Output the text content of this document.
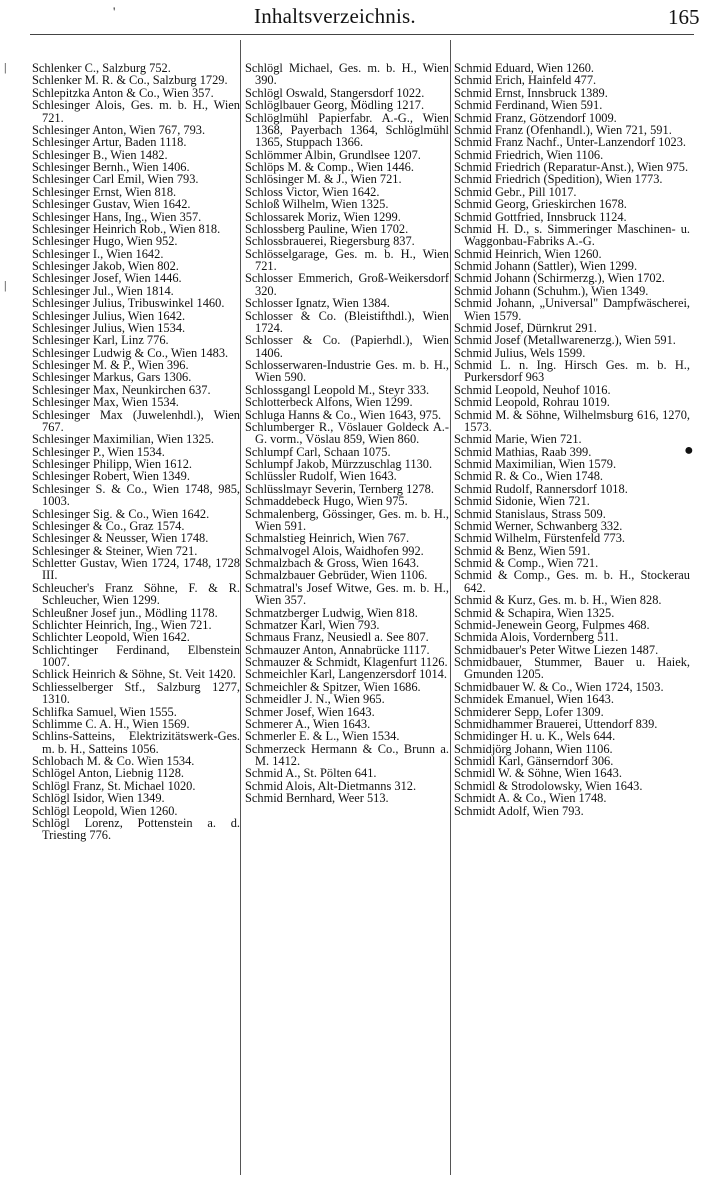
'	Inhaltsverzeichnis.	165
|
|
●
Schlenker C., Salzburg 752.
Schlenker M. R. & Co., Salzburg 1729.
Schlepitzka Anton & Co., Wien 357.
Schlesinger Alois, Ges. m. b. H., Wien 721.
Schlesinger Anton, Wien 767, 793.
Schlesinger Artur, Baden 1118.
Schlesinger B., Wien 1482.
Schlesinger Bernh., Wien 1406.
Schlesinger Carl Emil, Wien 793.
Schlesinger Ernst, Wien 818.
Schlesinger Gustav, Wien 1642.
Schlesinger Hans, Ing., Wien 357.
Schlesinger Heinrich Rob., Wien 818.
Schlesinger Hugo, Wien 952.
Schlesinger I., Wien 1642.
Schlesinger Jakob, Wien 802.
Schlesinger Josef, Wien 1446.
Schlesinger Jul., Wien 1814.
Schlesinger Julius, Tribuswinkel 1460.
Schlesinger Julius, Wien 1642.
Schlesinger Julius, Wien 1534.
Schlesinger Karl, Linz 776.
Schlesinger Ludwig & Co., Wien 1483.
Schlesinger M. & P., Wien 396.
Schlesinger Markus, Gars 1306.
Schlesinger Max, Neunkirchen 637.
Schlesinger Max, Wien 1534.
Schlesinger Max (Juwelenhdl.), Wien 767.
Schlesinger Maximilian, Wien 1325.
Schlesinger P., Wien 1534.
Schlesinger Philipp, Wien 1612.
Schlesinger Robert, Wien 1349.
Schlesinger S. & Co., Wien 1748, 985, 1003.
Schlesinger Sig. & Co., Wien 1642.
Schlesinger & Co., Graz 1574.
Schlesinger & Neusser, Wien 1748.
Schlesinger & Steiner, Wien 721.
Schletter Gustav, Wien 1724, 1748, 1728 III.
Schleucher's Franz Söhne, F. & R. Schleucher, Wien 1299.
Schleußner Josef jun., Mödling 1178.
Schlichter Heinrich, Ing., Wien 721.
Schlichter Leopold, Wien 1642.
Schlichtinger Ferdinand, Elbenstein 1007.
Schlick Heinrich & Söhne, St. Veit 1420.
Schliesselberger Stf., Salzburg 1277, 1310.
Schlifka Samuel, Wien 1555.
Schlimme C. A. H., Wien 1569.
Schlins-Satteins, Elektrizitätswerk-Ges. m. b. H., Satteins 1056.
Schlobach M. & Co. Wien 1534.
Schlögel Anton, Liebnig 1128.
Schlögl Franz, St. Michael 1020.
Schlögl Isidor, Wien 1349.
Schlögl Leopold, Wien 1260.
Schlögl Lorenz, Pottenstein a. d. Triesting 776.
Schlögl Michael, Ges. m. b. H., Wien 390.
Schlögl Oswald, Stangersdorf 1022.
Schlöglbauer Georg, Mödling 1217.
Schlöglmühl Papierfabr. A.-G., Wien 1368, Payerbach 1364, Schlöglmühl 1365, Stuppach 1366.
Schlömmer Albin, Grundlsee 1207.
Schlöps M. & Comp., Wien 1446.
Schlösinger M. & J., Wien 721.
Schloss Victor, Wien 1642.
Schloß Wilhelm, Wien 1325.
Schlossarek Moriz, Wien 1299.
Schlossberg Pauline, Wien 1702.
Schlossbrauerei, Riegersburg 837.
Schlösselgarage, Ges. m. b. H., Wien 721.
Schlosser Emmerich, Groß-Weikersdorf 320.
Schlosser Ignatz, Wien 1384.
Schlosser & Co. (Bleistifthdl.), Wien 1724.
Schlosser & Co. (Papierhdl.), Wien 1406.
Schlosserwaren-Industrie Ges. m. b. H., Wien 590.
Schlossgangl Leopold M., Steyr 333.
Schlotterbeck Alfons, Wien 1299.
Schluga Hanns & Co., Wien 1643, 975.
Schlumberger R., Vöslauer Goldeck A.-G. vorm., Vöslau 859, Wien 860.
Schlumpf Carl, Schaan 1075.
Schlumpf Jakob, Mürzzuschlag 1130.
Schlüssler Rudolf, Wien 1643.
Schlüsslmayr Severin, Ternberg 1278.
Schmaddebeck Hugo, Wien 975.
Schmalenberg, Gössinger, Ges. m. b. H., Wien 591.
Schmalstieg Heinrich, Wien 767.
Schmalvogel Alois, Waidhofen 992.
Schmalzbach & Gross, Wien 1643.
Schmalzbauer Gebrüder, Wien 1106.
Schmatral's Josef Witwe, Ges. m. b. H., Wien 357.
Schmatzberger Ludwig, Wien 818.
Schmatzer Karl, Wien 793.
Schmaus Franz, Neusiedl a. See 807.
Schmauzer Anton, Annabrücke 1117.
Schmauzer & Schmidt, Klagenfurt 1126.
Schmeichler Karl, Langenzersdorf 1014.
Schmeichler & Spitzer, Wien 1686.
Schmeidler J. N., Wien 965.
Schmer Josef, Wien 1643.
Schmerer A., Wien 1643.
Schmerler E. & L., Wien 1534.
Schmerzeck Hermann & Co., Brunn a. M. 1412.
Schmid A., St. Pölten 641.
Schmid Alois, Alt-Dietmanns 312.
Schmid Bernhard, Weer 513.
Schmid Eduard, Wien 1260.
Schmid Erich, Hainfeld 477.
Schmid Ernst, Innsbruck 1389.
Schmid Ferdinand, Wien 591.
Schmid Franz, Götzendorf 1009.
Schmid Franz (Ofenhandl.), Wien 721, 591.
Schmid Franz Nachf., Unter-Lanzendorf 1023.
Schmid Friedrich, Wien 1106.
Schmid Friedrich (Reparatur-Anst.), Wien 975.
Schmid Friedrich (Spedition), Wien 1773.
Schmid Gebr., Pill 1017.
Schmid Georg, Grieskirchen 1678.
Schmid Gottfried, Innsbruck 1124.
Schmid H. D., s. Simmeringer Maschinen- u. Waggonbau-Fabriks A.-G.
Schmid Heinrich, Wien 1260.
Schmid Johann (Sattler), Wien 1299.
Schmid Johann (Schirmerzg.), Wien 1702.
Schmid Johann (Schuhm.), Wien 1349.
Schmid Johann, „Universal" Dampfwäscherei, Wien 1579.
Schmid Josef, Dürnkrut 291.
Schmid Josef (Metallwarenerzg.), Wien 591.
Schmid Julius, Wels 1599.
Schmid L. n. Ing. Hirsch Ges. m. b. H., Purkersdorf 963
Schmid Leopold, Neuhof 1016.
Schmid Leopold, Rohrau 1019.
Schmid M. & Söhne, Wilhelmsburg 616, 1270, 1573.
Schmid Marie, Wien 721.
Schmid Mathias, Raab 399.
Schmid Maximilian, Wien 1579.
Schmid R. & Co., Wien 1748.
Schmid Rudolf, Rannersdorf 1018.
Schmid Sidonie, Wien 721.
Schmid Stanislaus, Strass 509.
Schmid Werner, Schwanberg 332.
Schmid Wilhelm, Fürstenfeld 773.
Schmid & Benz, Wien 591.
Schmid & Comp., Wien 721.
Schmid & Comp., Ges. m. b. H., Stockerau 642.
Schmid & Kurz, Ges. m. b. H., Wien 828.
Schmid & Schapira, Wien 1325.
Schmid-Jenewein Georg, Fulpmes 468.
Schmida Alois, Vordernberg 511.
Schmidbauer's Peter Witwe Liezen 1487.
Schmidbauer, Stummer, Bauer u. Haiek, Gmunden 1205.
Schmidbauer W. & Co., Wien 1724, 1503.
Schmidek Emanuel, Wien 1643.
Schmiderer Sepp, Lofer 1309.
Schmidhammer Brauerei, Uttendorf 839.
Schmidinger H. u. K., Wels 644.
Schmidjörg Johann, Wien 1106.
Schmidl Karl, Gänserndorf 306.
Schmidl W. & Söhne, Wien 1643.
Schmidl & Strodolowsky, Wien 1643.
Schmidt A. & Co., Wien 1748.
Schmidt Adolf, Wien 793.
